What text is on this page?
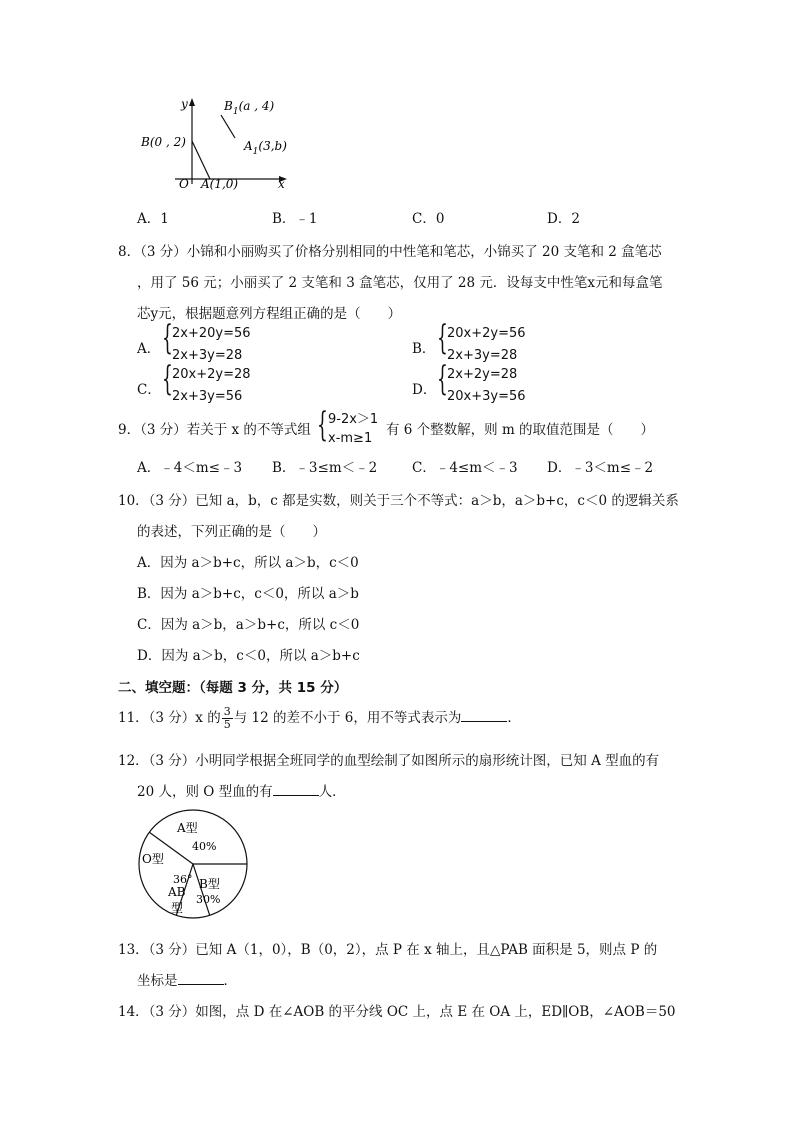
y
x
O
$B_1(a$ , 4)
B(0 , 2)	$A_1(3,b)$
A(1,0)
A．1	B．﹣1	C．0	D．2
8．（3 分）小锦和小丽购买了价格分别相同的中性笔和笔芯，小锦买了 20 支笔和 2 盒笔芯
，用了 56 元；小丽买了 2 支笔和 3 盒笔芯，仅用了 28 元．设每支中性笔x元和每盒笔
芯y元，根据题意列方程组正确的是（　　）
A． { 2x+20y=56
2x+3y=28	B． { 20x+2y=56
2x+3y=28
C． { 20x+2y=28
2x+3y=56	D． { 2x+2y=28
20x+3y=56
9．（3 分）若关于 x 的不等式组 { 9-2x＞1
x-m≥1
有 6 个整数解，则 m 的取值范围是（　　）
A．﹣4＜m≤﹣3 B．﹣3≤m＜﹣2	C．﹣4≤m＜﹣3 D．﹣3＜m≤﹣2
10．（3 分）已知 a，b，c 都是实数，则关于三个不等式：a＞b，a＞b+c，c＜0 的逻辑关系
的表述，下列正确的是（　　）
A．因为 a＞b+c，所以 a＞b，c＜0
B．因为 a＞b+c，c＜0，所以 a＞b
C．因为 a＞b，a＞b+c，所以 c＜0
D．因为 a＞b，c＜0，所以 a＞b+c
二、填空题：（每题 3 分，共 15 分）
11．（3 分）x 的 $\frac{3}{5}$ 与 12 的差不小于 6，用不等式表示为	．
12．（3 分）小明同学根据全班同学的血型绘制了如图所示的扇形统计图，已知 A 型血的有
20 人，则 O 型血的有	人．
A型
40%
O型
36°
AB
型
B型
30%
13．（3 分）已知 A（1，0），B（0，2），点 P 在 x 轴上，且△PAB 面积是 5，则点 P 的
坐标是	．
14．（3 分）如图，点 D 在∠AOB 的平分线 OC 上，点 E 在 OA 上，ED∥OB，∠AOB＝50
